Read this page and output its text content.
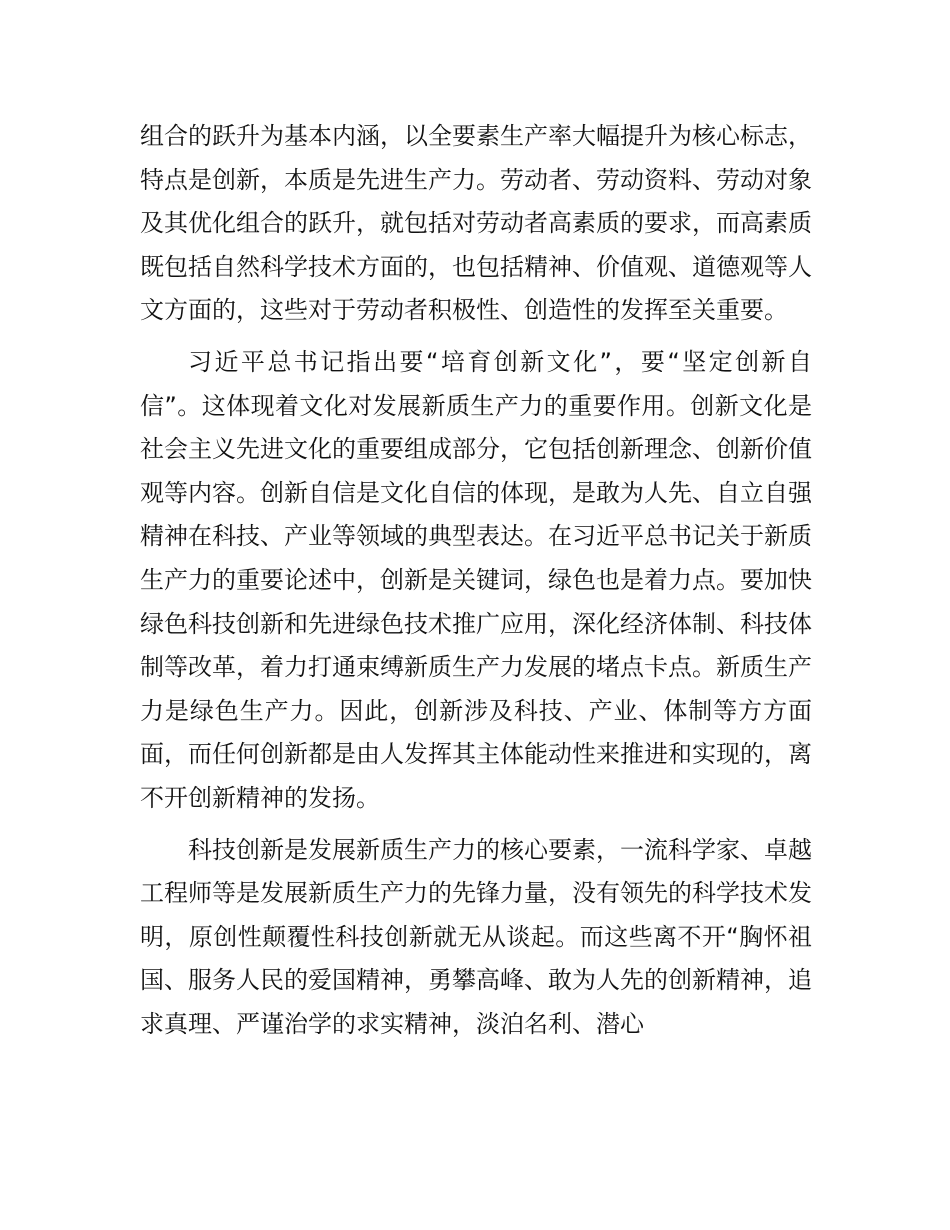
组合的跃升为基本内涵，以全要素生产率大幅提升为核心标志，特点是创新，本质是先进生产力。劳动者、劳动资料、劳动对象及其优化组合的跃升，就包括对劳动者高素质的要求，而高素质既包括自然科学技术方面的，也包括精神、价值观、道德观等人文方面的，这些对于劳动者积极性、创造性的发挥至关重要。

习近平总书记指出要“培育创新文化”，要“坚定创新自信”。这体现着文化对发展新质生产力的重要作用。创新文化是社会主义先进文化的重要组成部分，它包括创新理念、创新价值观等内容。创新自信是文化自信的体现，是敢为人先、自立自强精神在科技、产业等领域的典型表达。在习近平总书记关于新质生产力的重要论述中，创新是关键词，绿色也是着力点。要加快绿色科技创新和先进绿色技术推广应用，深化经济体制、科技体制等改革，着力打通束缚新质生产力发展的堵点卡点。新质生产力是绿色生产力。因此，创新涉及科技、产业、体制等方方面面，而任何创新都是由人发挥其主体能动性来推进和实现的，离不开创新精神的发扬。

科技创新是发展新质生产力的核心要素，一流科学家、卓越工程师等是发展新质生产力的先锋力量，没有领先的科学技术发明，原创性颠覆性科技创新就无从谈起。而这些离不开“胸怀祖国、服务人民的爱国精神，勇攀高峰、敢为人先的创新精神，追求真理、严谨治学的求实精神，淡泊名利、潜心
